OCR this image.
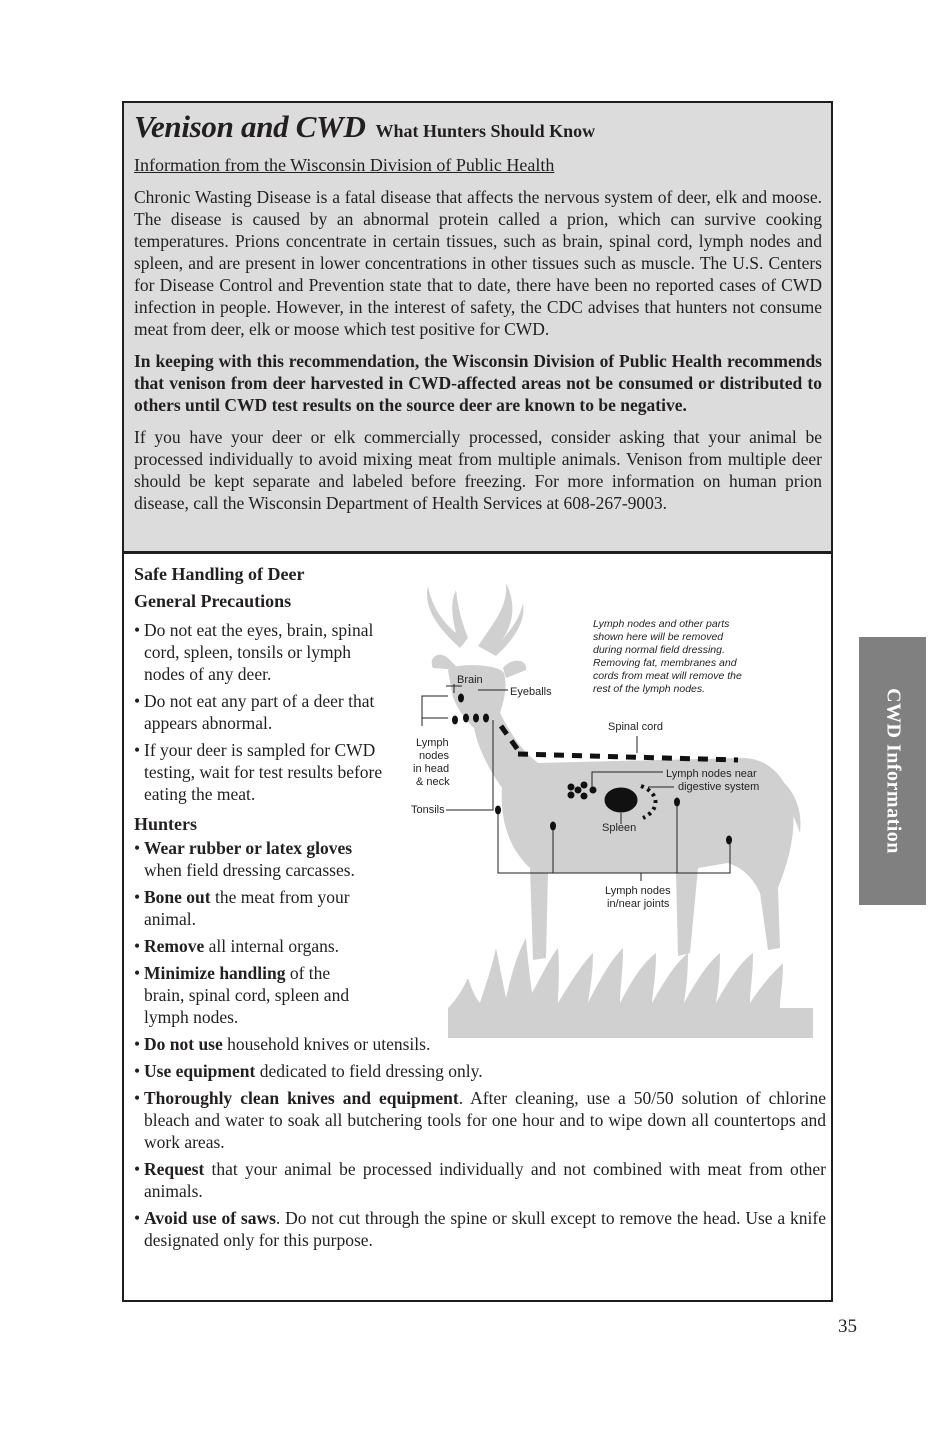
Venison and CWD What Hunters Should Know
Information from the Wisconsin Division of Public Health
Chronic Wasting Disease is a fatal disease that affects the nervous system of deer, elk and moose. The disease is caused by an abnormal protein called a prion, which can survive cooking temperatures. Prions concentrate in certain tissues, such as brain, spinal cord, lymph nodes and spleen, and are present in lower concentrations in other tissues such as muscle. The U.S. Centers for Disease Control and Prevention state that to date, there have been no reported cases of CWD infection in people. However, in the interest of safety, the CDC advises that hunters not consume meat from deer, elk or moose which test positive for CWD.
In keeping with this recommendation, the Wisconsin Division of Public Health recommends that venison from deer harvested in CWD-affected areas not be consumed or distributed to others until CWD test results on the source deer are known to be negative.
If you have your deer or elk commercially processed, consider asking that your animal be processed individually to avoid mixing meat from multiple animals. Venison from multiple deer should be kept separate and labeled before freezing. For more information on human prion disease, call the Wisconsin Department of Health Services at 608-267-9003.
Safe Handling of Deer
General Precautions
• Do not eat the eyes, brain, spinal cord, spleen, tonsils or lymph nodes of any deer.
• Do not eat any part of a deer that appears abnormal.
• If your deer is sampled for CWD testing, wait for test results before eating the meat.
Hunters
• Wear rubber or latex gloves when field dressing carcasses.
• Bone out the meat from your animal.
• Remove all internal organs.
• Minimize handling of the brain, spinal cord, spleen and lymph nodes.
• Do not use household knives or utensils.
• Use equipment dedicated to field dressing only.
• Thoroughly clean knives and equipment. After cleaning, use a 50/50 solution of chlorine bleach and water to soak all butchering tools for one hour and to wipe down all countertops and work areas.
• Request that your animal be processed individually and not combined with meat from other animals.
• Avoid use of saws. Do not cut through the spine or skull except to remove the head. Use a knife designated only for this purpose.
Lymph nodes and other parts
shown here will be removed
during normal field dressing.
Removing fat, membranes and
cords from meat will remove the
rest of the lymph nodes.
Brain
Eyeballs
Spinal cord
Lymph
nodes
in head
& neck
Tonsils
Lymph nodes near
digestive system
Spleen
Lymph nodes
in/near joints
CWD Information
35
